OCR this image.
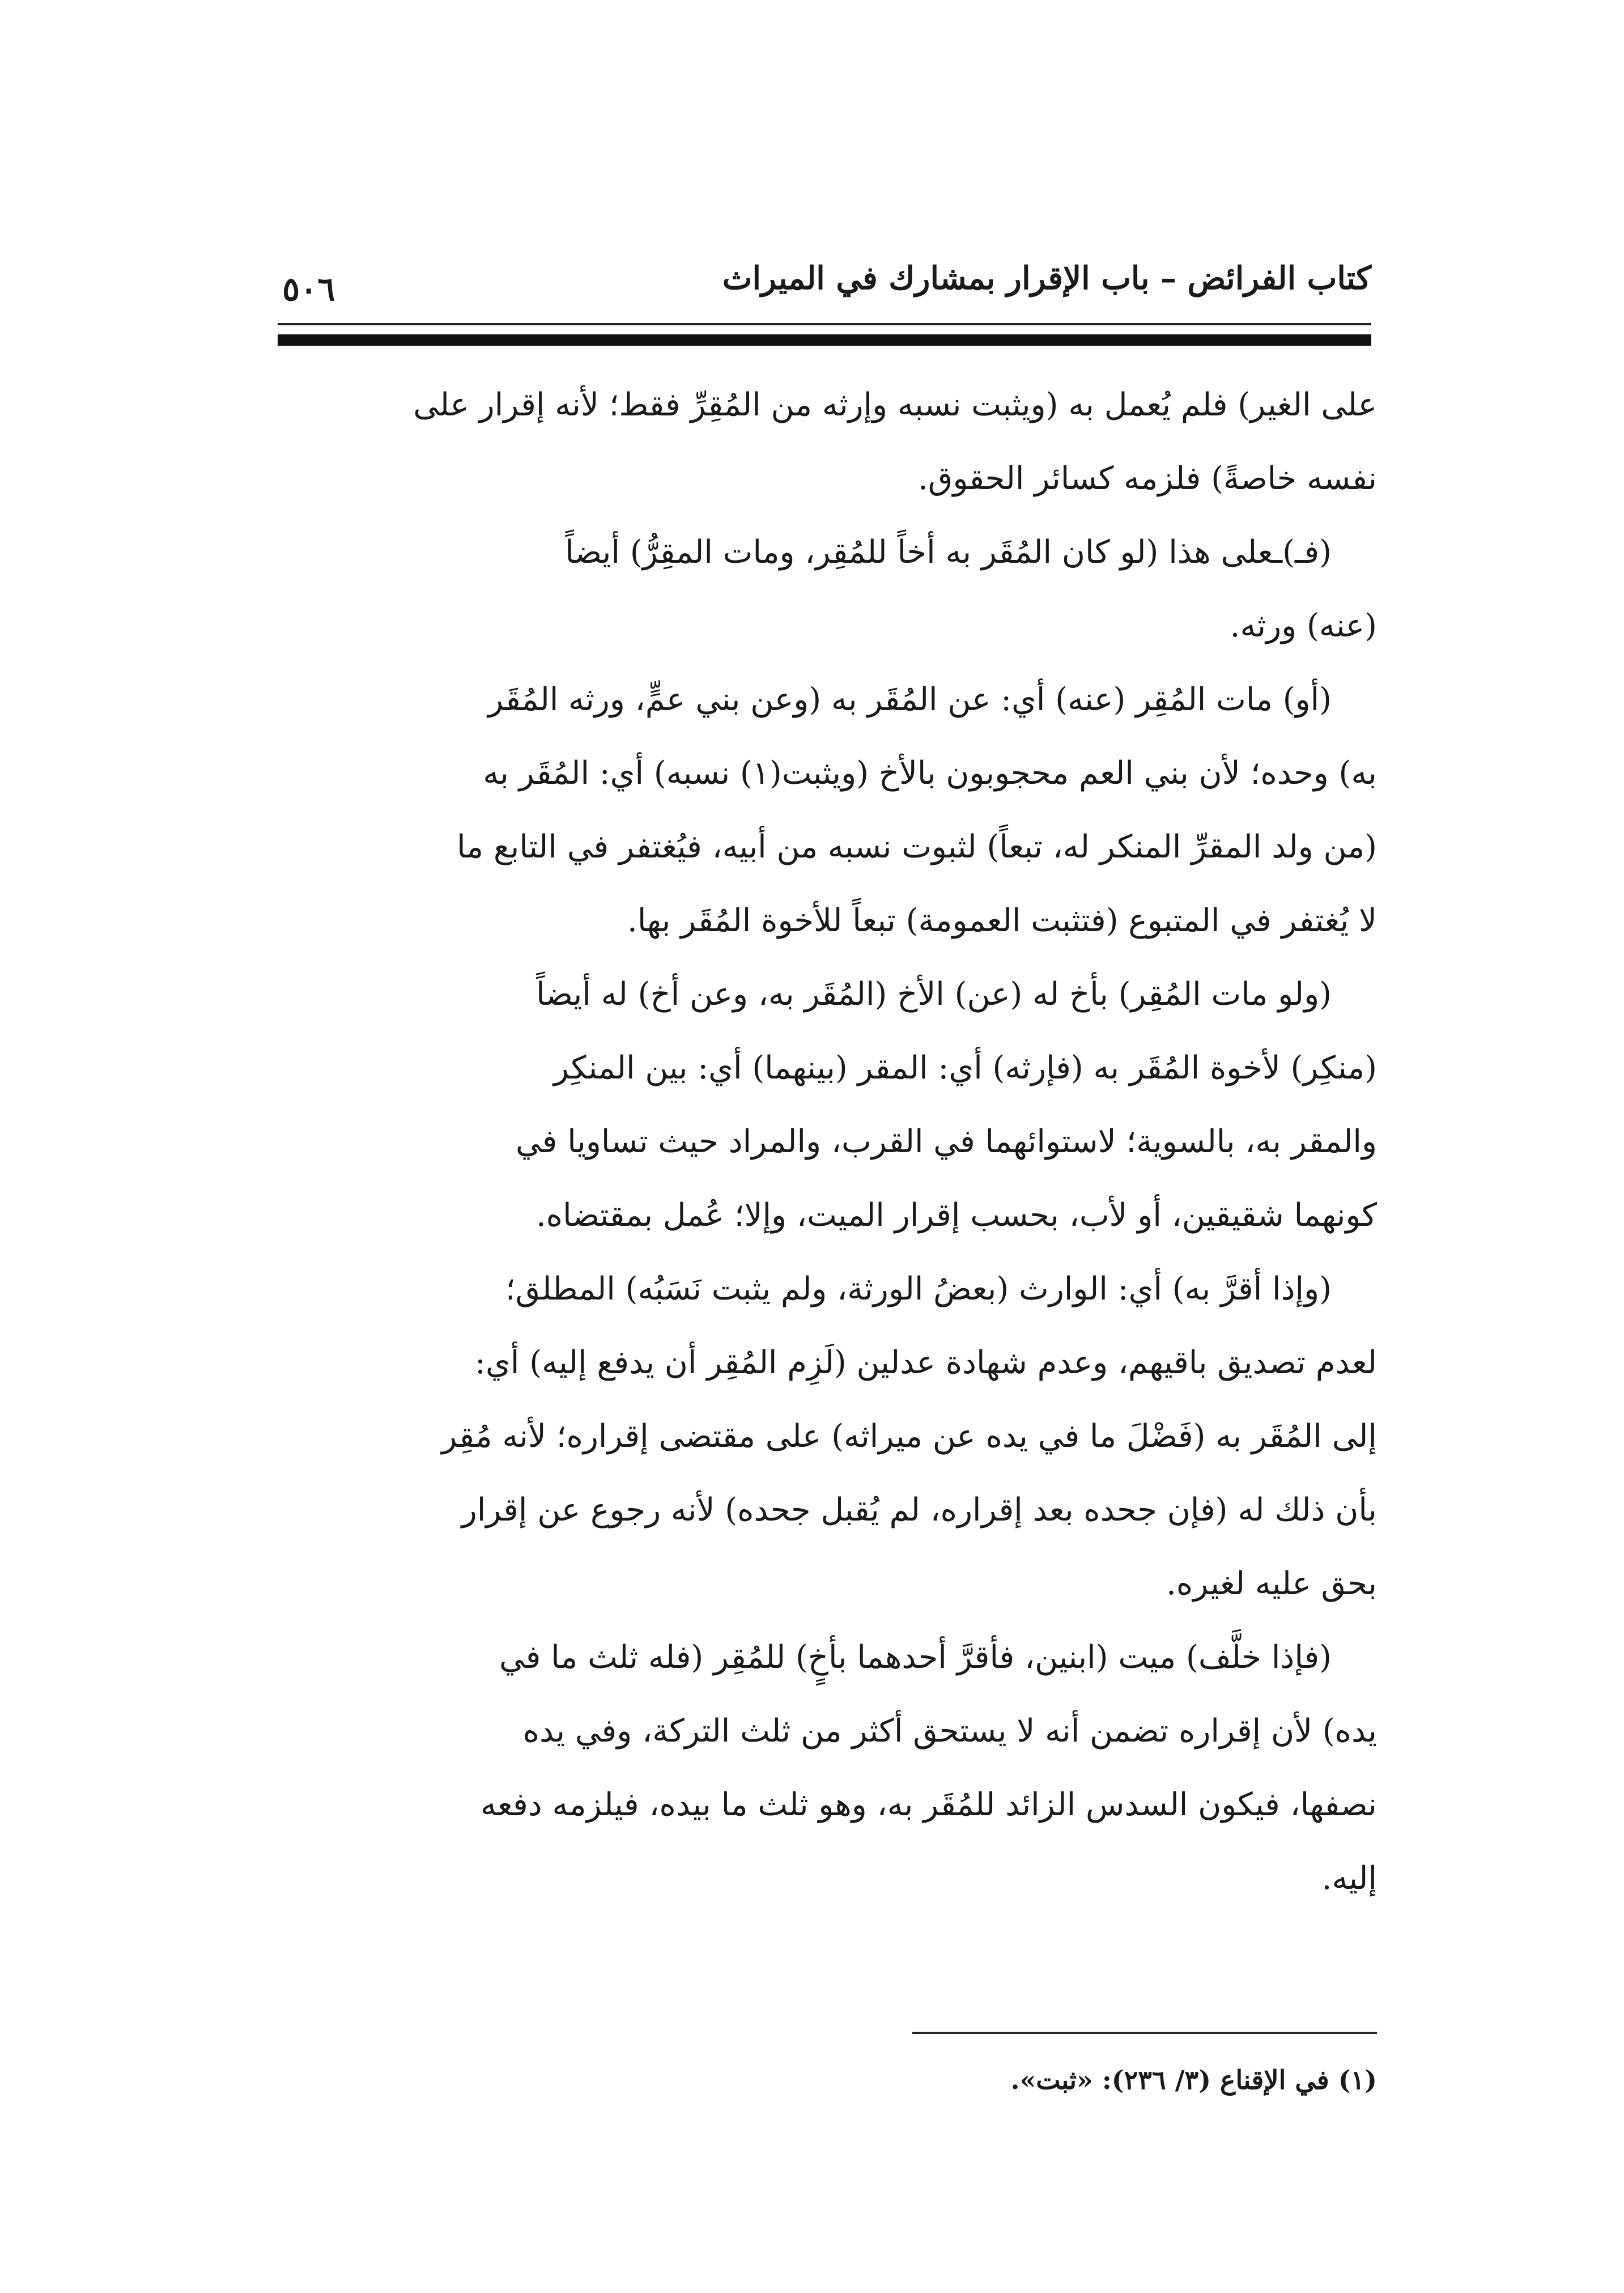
كتاب الفرائض – باب الإقرار بمشارك في الميراث
٥٠٦

على الغير) فلم يُعمل به (ويثبت نسبه وإرثه من المُقِرِّ فقط؛ لأنه إقرار على

نفسه خاصةً) فلزمه كسائر الحقوق.

(فـ)ـعلى هذا (لو كان المُقَر به أخاً للمُقِر، ومات المقِرُّ) أيضاً

(عنه) ورثه.

(أو) مات المُقِر (عنه) أي: عن المُقَر به (وعن بني عمٍّ، ورثه المُقَر

به) وحده؛ لأن بني العم محجوبون بالأخ (ويثبت(١) نسبه) أي: المُقَر به

(من ولد المقرِّ المنكر له، تبعاً) لثبوت نسبه من أبيه، فيُغتفر في التابع ما

لا يُغتفر في المتبوع (فتثبت العمومة) تبعاً للأخوة المُقَر بها.

(ولو مات المُقِر) بأخ له (عن) الأخ (المُقَر به، وعن أخ) له أيضاً

(منكِر) لأخوة المُقَر به (فإرثه) أي: المقر (بينهما) أي: بين المنكِر

والمقر به، بالسوية؛ لاستوائهما في القرب، والمراد حيث تساويا في

كونهما شقيقين، أو لأب، بحسب إقرار الميت، وإلا؛ عُمل بمقتضاه.

(وإذا أقرَّ به) أي: الوارث (بعضُ الورثة، ولم يثبت نَسَبُه) المطلق؛

لعدم تصديق باقيهم، وعدم شهادة عدلين (لَزِم المُقِر أن يدفع إليه) أي:

إلى المُقَر به (فَضْلَ ما في يده عن ميراثه) على مقتضى إقراره؛ لأنه مُقِر

بأن ذلك له (فإن جحده بعد إقراره، لم يُقبل جحده) لأنه رجوع عن إقرار

بحق عليه لغيره.

(فإذا خلَّف) ميت (ابنين، فأقرَّ أحدهما بأخٍ) للمُقِر (فله ثلث ما في

يده) لأن إقراره تضمن أنه لا يستحق أكثر من ثلث التركة، وفي يده

نصفها، فيكون السدس الزائد للمُقَر به، وهو ثلث ما بيده، فيلزمه دفعه

إليه.

(١) في الإقناع (٣/ ٢٣٦): «ثبت».
